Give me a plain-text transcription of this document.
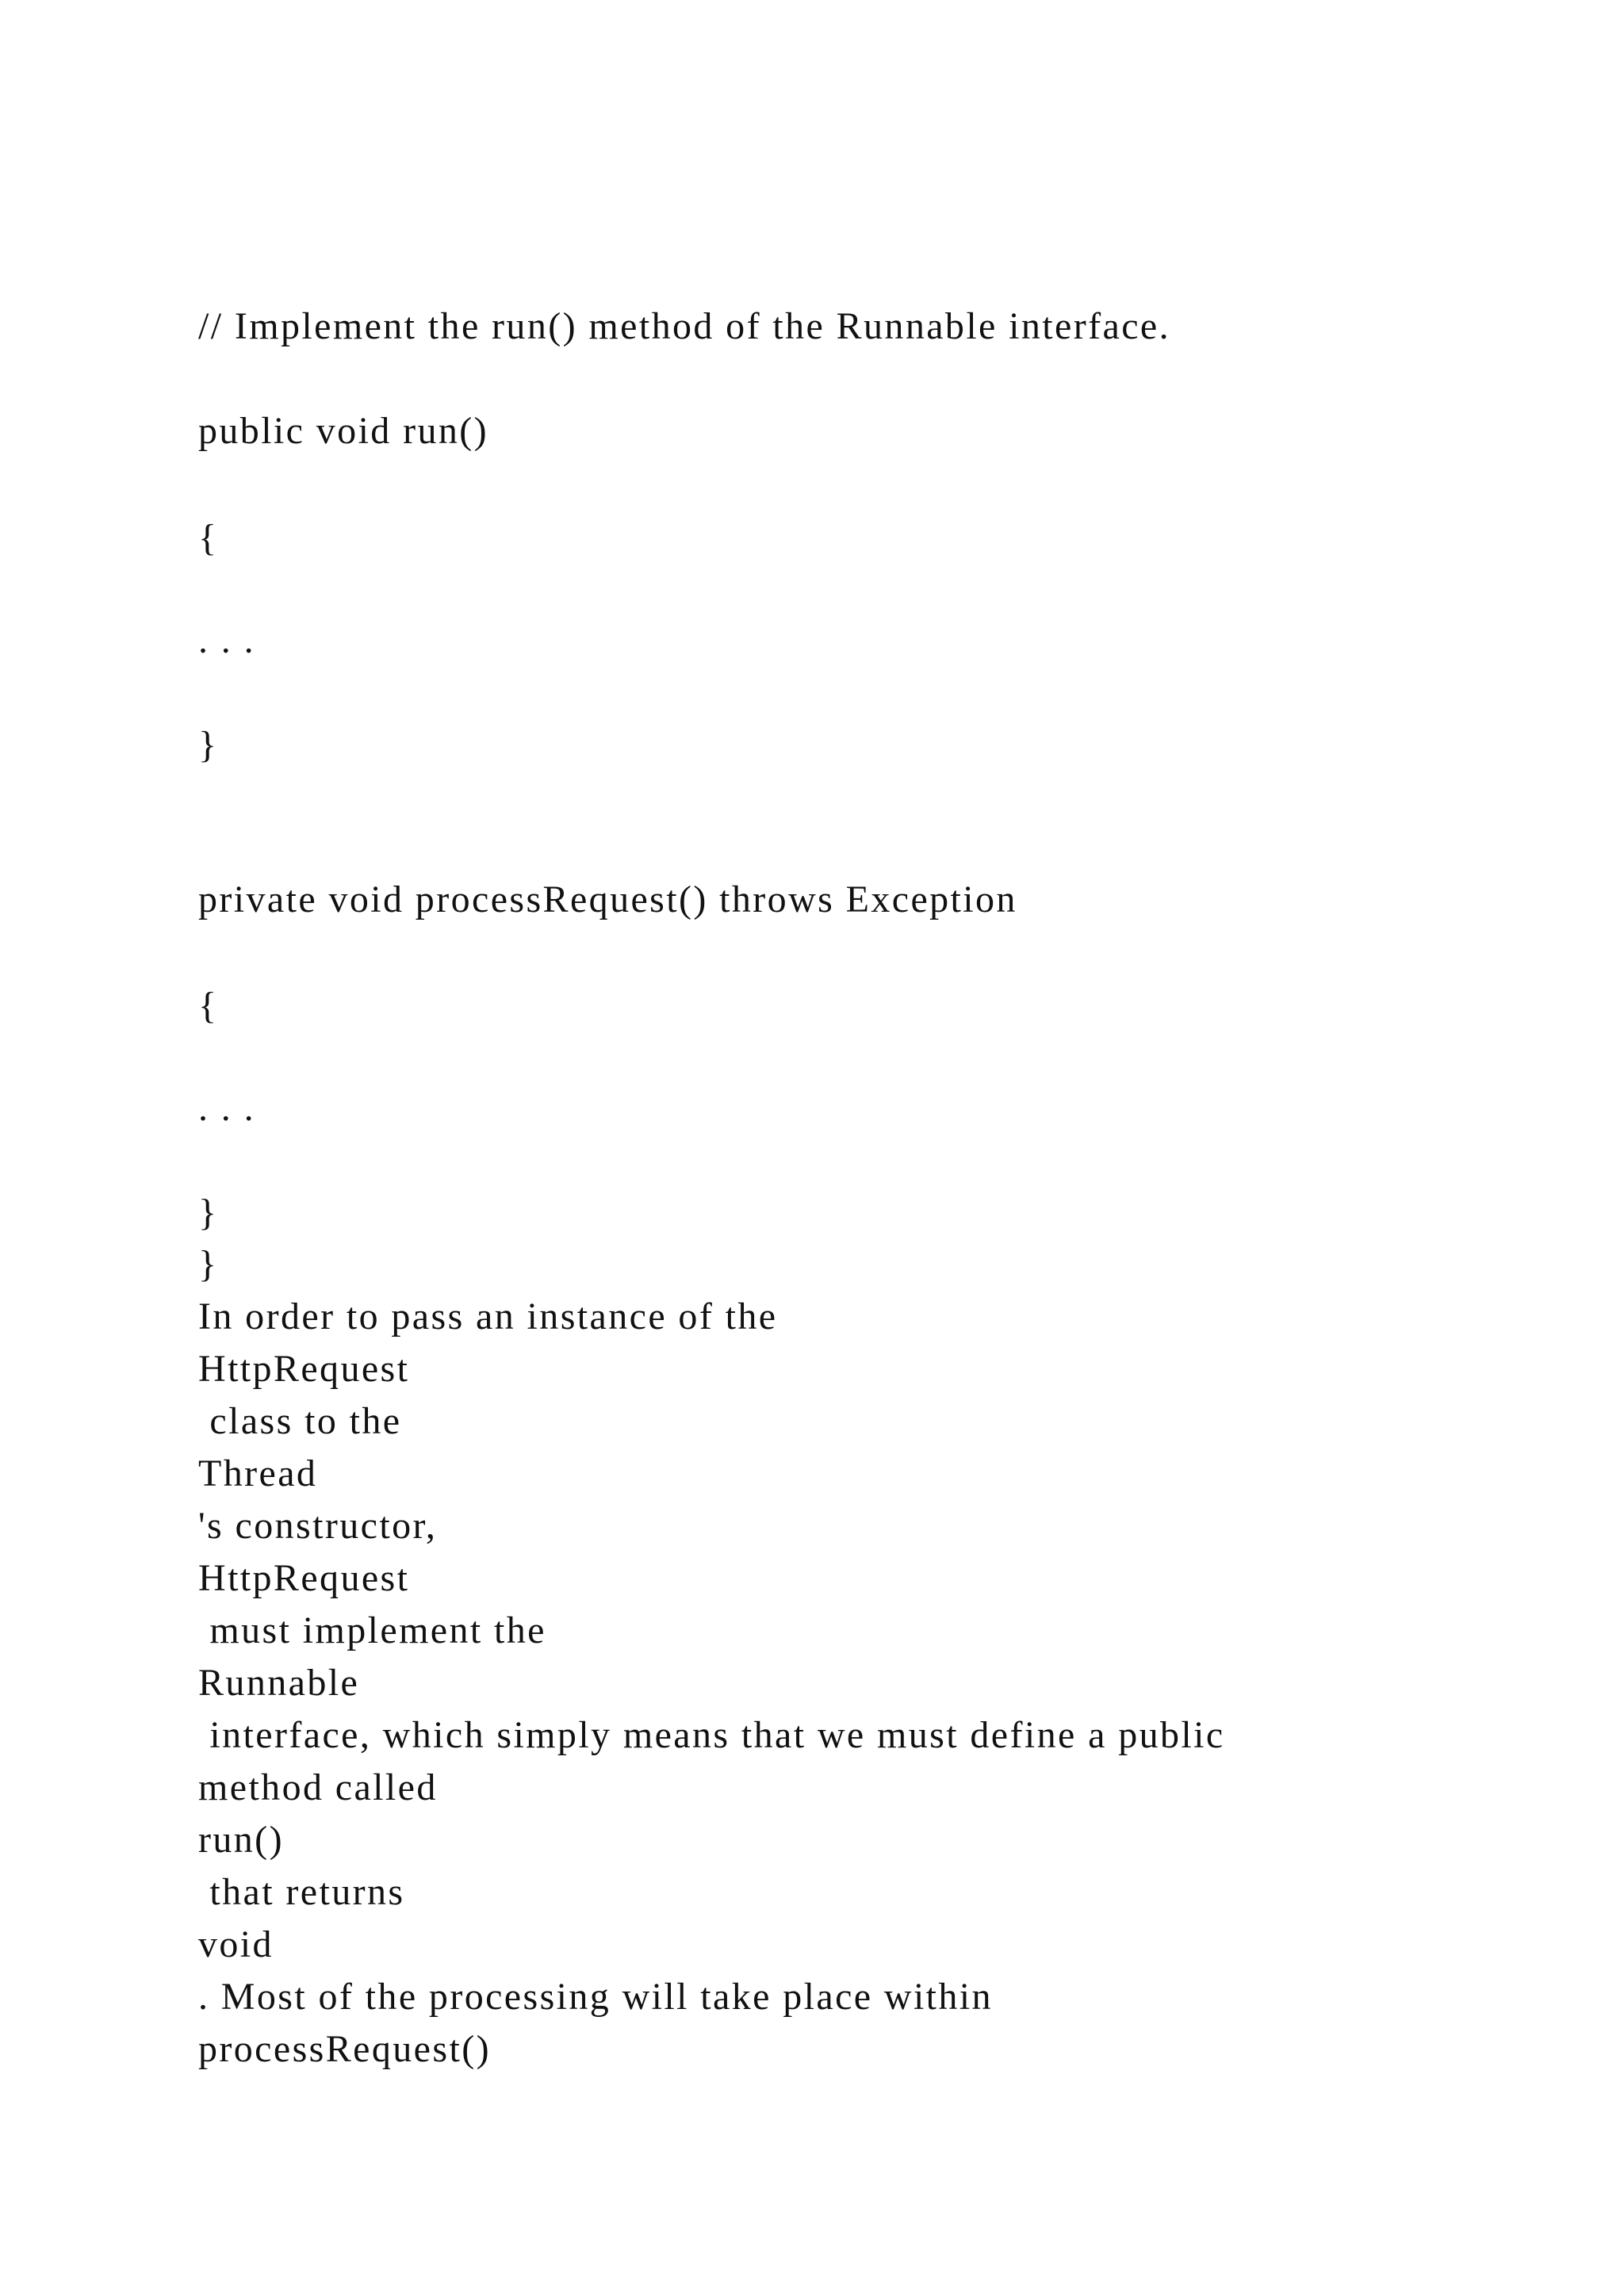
// Implement the run() method of the Runnable interface.

public void run()

{

. . .

}

private void processRequest() throws Exception

{

. . .

}

}

In order to pass an instance of the

HttpRequest

class to the

Thread

's constructor,

HttpRequest

must implement the

Runnable

interface, which simply means that we must define a public

method called

run()

that returns

void

. Most of the processing will take place within

processRequest()
